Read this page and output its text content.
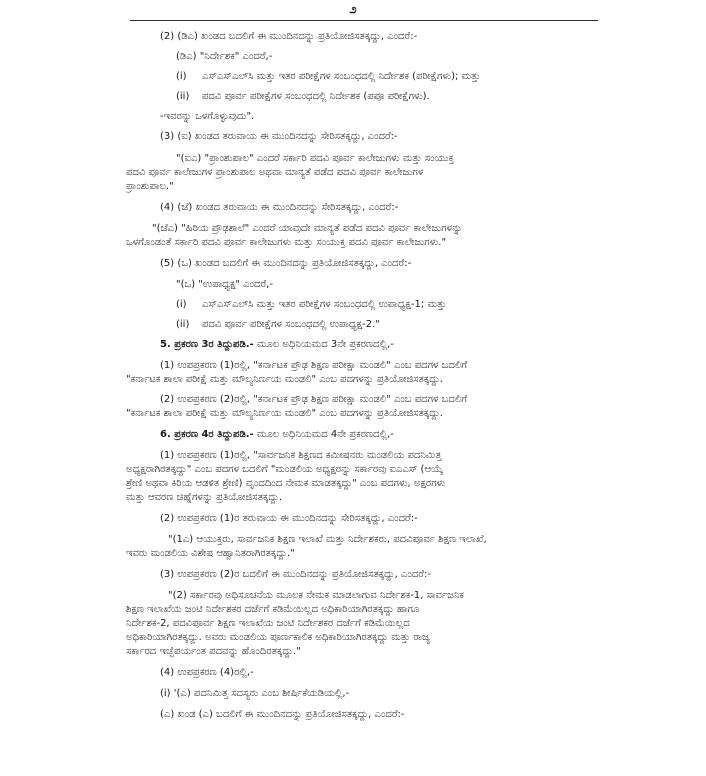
೨
(2) (ಡಿಎ) ಖಂಡದ ಬದಲಿಗೆ ಈ ಮುಂದಿನದನ್ನು ಪ್ರತಿಯೋಜಿಸತಕ್ಕದ್ದು, ಎಂದರೆ:-
(ಡಿಎ) "ನಿರ್ದೇಶಕ" ಎಂದರೆ,-
(i) ಎಸ್‌ಎಸ್‌ಎಲ್‌ಸಿ ಮತ್ತು ಇತರ ಪರೀಕ್ಷೆಗಳ ಸಂಬಂಧದಲ್ಲಿ ನಿರ್ದೇಶಕ (ಪರೀಕ್ಷೆಗಳು); ಮತ್ತು
(ii) ಪದವಿ ಪೂರ್ವ ಪರೀಕ್ಷೆಗಳ ಸಂಬಂಧದಲ್ಲಿ ನಿರ್ದೇಶಕ (ಪಪೂ ಪರೀಕ್ಷೆಗಳು).
-ಇವರನ್ನು ಒಳಗೊಳ್ಳುವುದು".
(3) (ಐ) ಖಂಡದ ತರುವಾಯ ಈ ಮುಂದಿನದನ್ನು ಸೇರಿಸತಕ್ಕದ್ದು, ಎಂದರೆ:-
"(ಐಎ) "ಪ್ರಾಂಶುಪಾಲ" ಎಂದರೆ ಸರ್ಕಾರಿ ಪದವಿ ಪೂರ್ವ ಕಾಲೇಜುಗಳು ಮತ್ತು ಸಂಯುಕ್ತ
ಪದವಿ ಪೂರ್ವ ಕಾಲೇಜುಗಳ ಪ್ರಾಂಶುಪಾಲ ಅಥವಾ ಮಾನ್ಯತೆ ಪಡೆದ ಪದವಿ ಪೂರ್ವ ಕಾಲೇಜುಗಳ
ಪ್ರಾಂಶುಪಾಲ."
(4) (ಜೆ) ಖಂಡದ ತರುವಾಯ ಈ ಮುಂದಿನದನ್ನು ಸೇರಿಸತಕ್ಕದ್ದು, ಎಂದರೆ:-
"(ಜೆಎ) "ಹಿರಿಯ ಪ್ರೌಢಶಾಲೆ" ಎಂದರೆ ಯಾವುದೇ ಮಾನ್ಯತೆ ಪಡೆದ ಪದವಿ ಪೂರ್ವ ಕಾಲೇಜುಗಳನ್ನು
ಒಳಗೊಂಡಂತೆ ಸರ್ಕಾರಿ ಪದವಿ ಪೂರ್ವ ಕಾಲೇಜುಗಳು ಮತ್ತು ಸಂಯುಕ್ತ ಪದವಿ ಪೂರ್ವ ಕಾಲೇಜುಗಳು."
(5) (ಒ) ಖಂಡದ ಬದಲಿಗೆ ಈ ಮುಂದಿನದನ್ನು ಪ್ರತಿಯೋಜಿಸತಕ್ಕದ್ದು, ಎಂದರೆ:-
"(ಒ) "ಉಪಾಧ್ಯಕ್ಷ" ಎಂದರೆ,-
(i) ಎಸ್‌ಎಸ್‌ಎಲ್‌ಸಿ ಮತ್ತು ಇತರ ಪರೀಕ್ಷೆಗಳ ಸಂಬಂಧದಲ್ಲಿ ಉಪಾಧ್ಯಕ್ಷ-1; ಮತ್ತು
(ii) ಪದವಿ ಪೂರ್ವ ಪರೀಕ್ಷೆಗಳ ಸಂಬಂಧದಲ್ಲಿ ಉಪಾಧ್ಯಕ್ಷ-2."
5. ಪ್ರಕರಣ 3ರ ತಿದ್ದುಪಡಿ.- ಮೂಲ ಅಧಿನಿಯಮದ 3ನೇ ಪ್ರಕರಣದಲ್ಲಿ,-
(1) ಉಪಪ್ರಕರಣ (1)ರಲ್ಲಿ, "ಕರ್ನಾಟಕ ಪ್ರೌಢ ಶಿಕ್ಷಣ ಪರೀಕ್ಷಾ ಮಂಡಲಿ" ಎಂಬ ಪದಗಳ ಬದಲಿಗೆ
"ಕರ್ನಾಟಕ ಶಾಲಾ ಪರೀಕ್ಷೆ ಮತ್ತು ಮೌಲ್ಯನಿರ್ಣಯ ಮಂಡಲಿ" ಎಂಬ ಪದಗಳನ್ನು ಪ್ರತಿಯೋಜಿಸತಕ್ಕದ್ದು.
(2) ಉಪಪ್ರಕರಣ (2)ರಲ್ಲಿ, "ಕರ್ನಾಟಕ ಪ್ರೌಢ ಶಿಕ್ಷಣ ಪರೀಕ್ಷಾ ಮಂಡಲಿ" ಎಂಬ ಪದಗಳ ಬದಲಿಗೆ
"ಕರ್ನಾಟಕ ಶಾಲಾ ಪರೀಕ್ಷೆ ಮತ್ತು ಮೌಲ್ಯನಿರ್ಣಯ ಮಂಡಲಿ" ಎಂಬ ಪದಗಳನ್ನು ಪ್ರತಿಯೋಜಿಸತಕ್ಕದ್ದು.
6. ಪ್ರಕರಣ 4ರ ತಿದ್ದುಪಡಿ.- ಮೂಲ ಅಧಿನಿಯಮದ 4ನೇ ಪ್ರಕರಣದಲ್ಲಿ,-
(1) ಉಪಪ್ರಕರಣ (1)ರಲ್ಲಿ, "ಸಾರ್ವಜನಿಕ ಶಿಕ್ಷಣದ ಕಮೀಷನರು ಮಂಡಲಿಯ ಪದನಿಮಿತ್ತ
ಅಧ್ಯಕ್ಷರಾಗಿರತಕ್ಕದ್ದು" ಎಂಬ ಪದಗಳ ಬದಲಿಗೆ "ಮಂಡಲಿಯ ಅಧ್ಯಕ್ಷರನ್ನು ಸರ್ಕಾರವು ಐಎಎಸ್ (ಆಯ್ಕೆ
ಶ್ರೇಣಿ ಅಥವಾ ಕಿರಿಯ ಆಡಳಿತ ಶ್ರೇಣಿ) ವೃಂದದಿಂದ ನೇಮಕ ಮಾಡತಕ್ಕದ್ದು" ಎಂಬ ಪದಗಳು, ಅಕ್ಷರಗಳು
ಮತ್ತು ಆವರಣ ಚಿಹ್ನೆಗಳನ್ನು ಪ್ರತಿಯೋಜಿಸತಕ್ಕದ್ದು.
(2) ಉಪಪ್ರಕರಣ (1)ರ ತರುವಾಯ ಈ ಮುಂದಿನದನ್ನು ಸೇರಿಸತಕ್ಕದ್ದು, ಎಂದರೆ:-
"(1ಎ) ಆಯುಕ್ತರು, ಸಾರ್ವಜನಿಕ ಶಿಕ್ಷಣ ಇಲಾಖೆ ಮತ್ತು ನಿರ್ದೇಶಕರು, ಪದವಿಪೂರ್ವ ಶಿಕ್ಷಣ ಇಲಾಖೆ,
ಇವರು ಮಂಡಲಿಯ ವಿಶೇಷ ಆಹ್ವಾನಿತರಾಗಿರತಕ್ಕದ್ದು."
(3) ಉಪಪ್ರಕರಣ (2)ರ ಬದಲಿಗೆ ಈ ಮುಂದಿನದನ್ನು ಪ್ರತಿಯೋಜಿಸತಕ್ಕದ್ದು, ಎಂದರೆ:-
"(2) ಸರ್ಕಾರವು ಅಧಿಸೂಚನೆಯ ಮೂಲಕ ನೇಮಕ ಮಾಡಲಾಗುವ ನಿರ್ದೇಶಕ-1, ಸಾರ್ವಜನಿಕ
ಶಿಕ್ಷಣ ಇಲಾಖೆಯ ಜಂಟಿ ನಿರ್ದೇಶಕರ ದರ್ಜೆಗೆ ಕಡಿಮೆಯಿಲ್ಲದ ಅಧಿಕಾರಿಯಾಗಿರತಕ್ಕದ್ದು ಹಾಗೂ
ನಿರ್ದೇಶಕ-2, ಪದವಿಪೂರ್ವ ಶಿಕ್ಷಣ ಇಲಾಖೆಯ ಜಂಟಿ ನಿರ್ದೇಶಕರ ದರ್ಜೆಗೆ ಕಡಿಮೆಯಿಲ್ಲದ
ಅಧಿಕಾರಿಯಾಗಿರತಕ್ಕದ್ದು. ಅವರು ಮಂಡಲಿಯ ಪೂರ್ಣಕಾಲಿಕ ಅಧಿಕಾರಿಯಾಗಿರತಕ್ಕದ್ದು ಮತ್ತು ರಾಜ್ಯ
ಸರ್ಕಾರದ ಇಚ್ಛೆಪರ್ಯಂತ ಪದವನ್ನು ಹೊಂದಿರತಕ್ಕದ್ದು."
(4) ಉಪಪ್ರಕರಣ (4)ರಲ್ಲಿ,-
(i) '(ಎ) ಪದನಿಮಿತ್ತ ಸದಸ್ಯರು ಎಂಬ ಶೀರ್ಷಿಕೆಯಡಿಯಲ್ಲಿ,-
(ಎ) ಖಂಡ (ಎ) ಬದಲಿಗೆ ಈ ಮುಂದಿನದನ್ನು ಪ್ರತಿಯೋಜಿಸತಕ್ಕದ್ದು, ಎಂದರೆ:-
